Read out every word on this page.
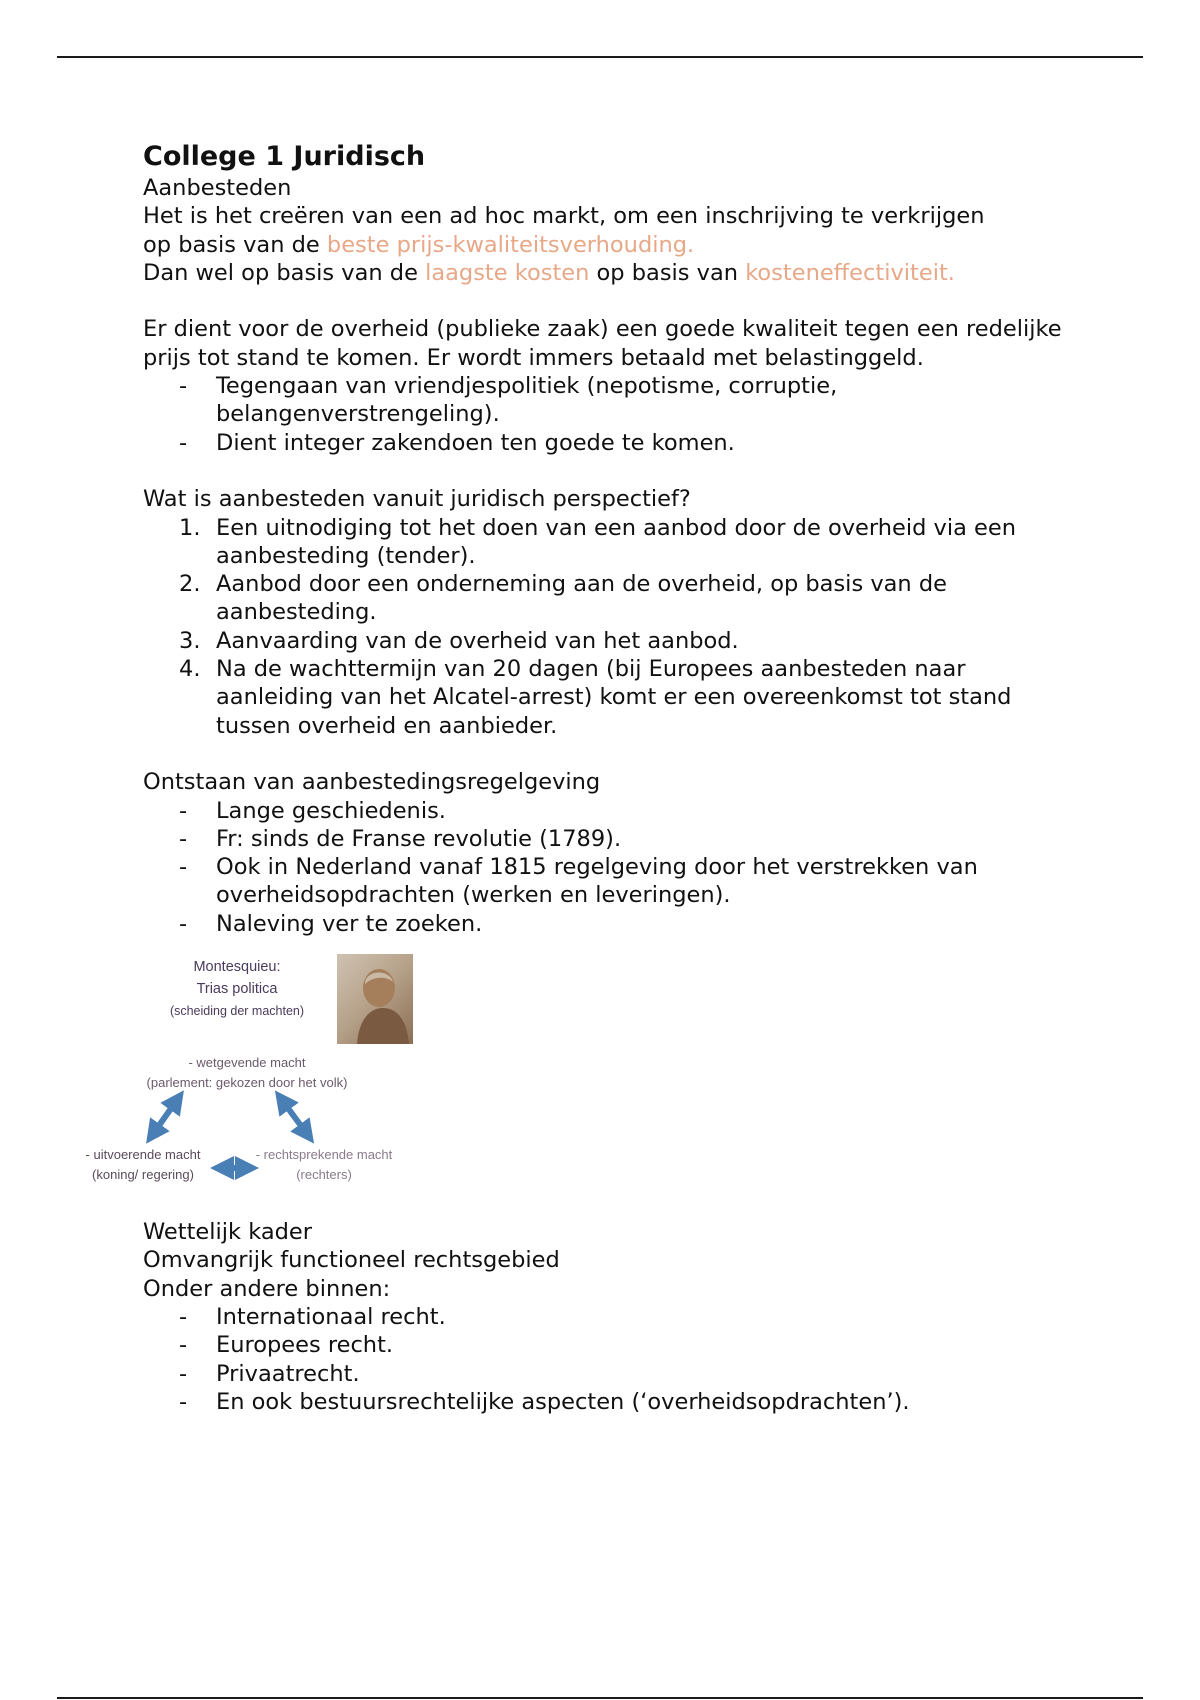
College 1 Juridisch

Aanbesteden

Het is het creëren van een ad hoc markt, om een inschrijving te verkrijgen
op basis van de beste prijs-kwaliteitsverhouding.
Dan wel op basis van de laagste kosten op basis van kosteneffectiviteit.

Er dient voor de overheid (publieke zaak) een goede kwaliteit tegen een redelijke prijs tot stand te komen. Er wordt immers betaald met belastinggeld.

-	Tegengaan van vriendjespolitiek (nepotisme, corruptie, belangenverstrengeling).
-	Dient integer zakendoen ten goede te komen.

Wat is aanbesteden vanuit juridisch perspectief?

1. Een uitnodiging tot het doen van een aanbod door de overheid via een aanbesteding (tender).
2. Aanbod door een onderneming aan de overheid, op basis van de aanbesteding.
3. Aanvaarding van de overheid van het aanbod.
4. Na de wachttermijn van 20 dagen (bij Europees aanbesteden naar aanleiding van het Alcatel-arrest) komt er een overeenkomst tot stand tussen overheid en aanbieder.

Ontstaan van aanbestedingsregelgeving

-	Lange geschiedenis.
-	Fr: sinds de Franse revolutie (1789).
-	Ook in Nederland vanaf 1815 regelgeving door het verstrekken van overheidsopdrachten (werken en leveringen).
-	Naleving ver te zoeken.
Montesquieu:
Trias politica
(scheiding der machten)
- wetgevende macht
(parlement: gekozen door het volk)
- uitvoerende macht
(koning/ regering)
- rechtsprekende macht
(rechters)

Wettelijk kader

Omvangrijk functioneel rechtsgebied

Onder andere binnen:

-	Internationaal recht.
-	Europees recht.
-	Privaatrecht.
-	En ook bestuursrechtelijke aspecten (‘overheidsopdrachten’).
